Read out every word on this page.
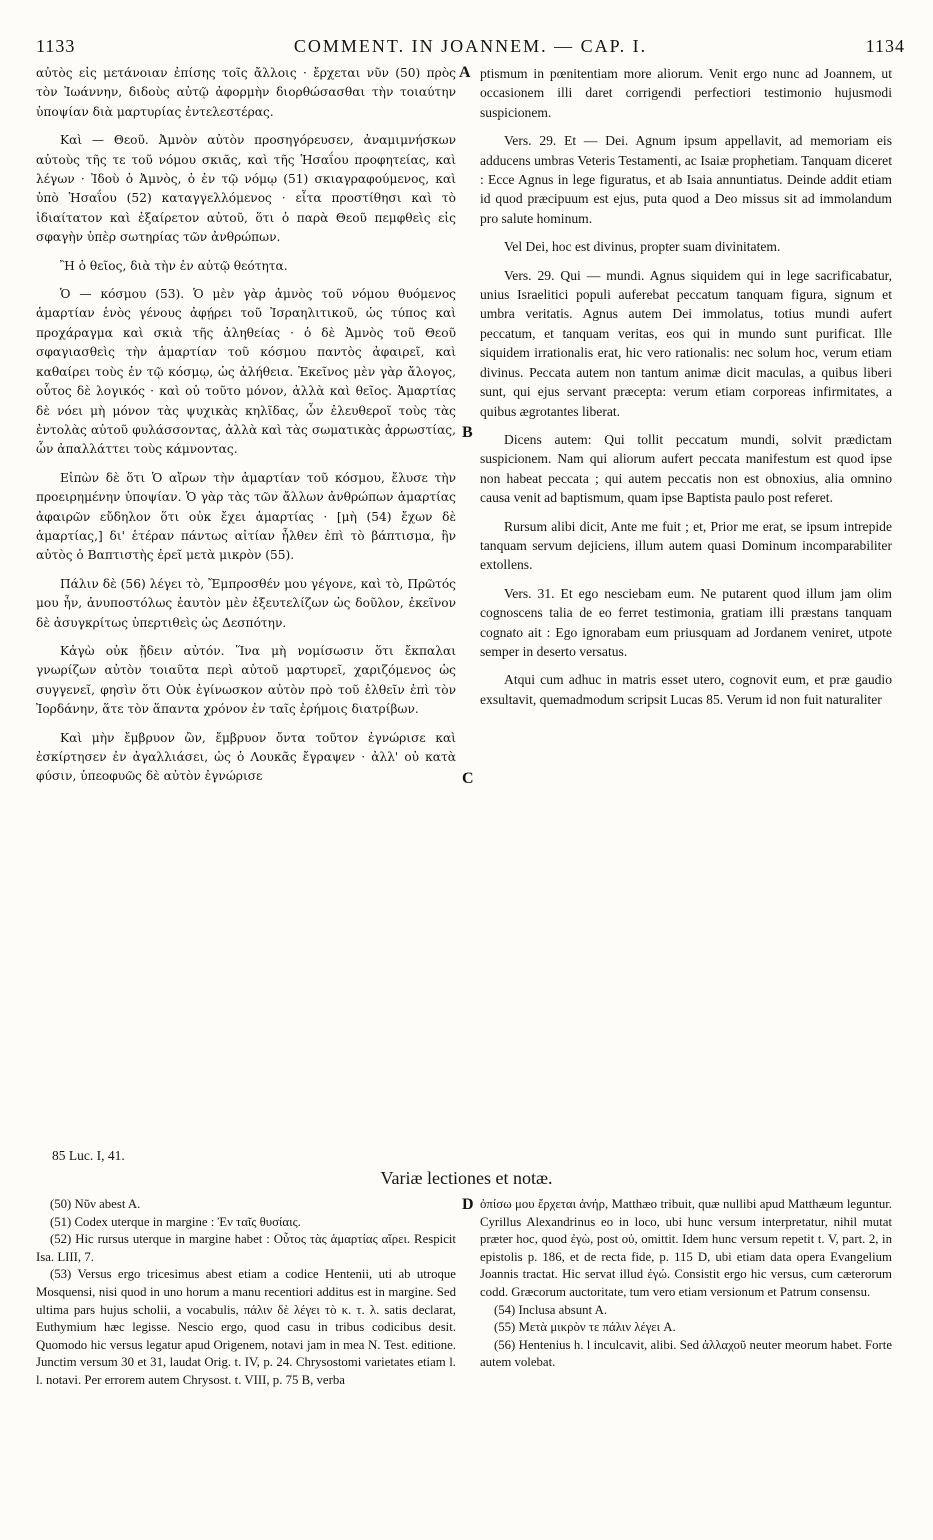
1133	COMMENT. IN JOANNEM. — CAP. I.	1134

αὐτὸς εἰς μετάνοιαν ἐπίσης τοῖς ἄλλοις · ἔρχεται νῦν (50) πρὸς τὸν Ἰωάννην, διδοὺς αὐτῷ ἀφορμὴν διορθώσασθαι τὴν τοιαύτην ὑποψίαν διὰ μαρτυρίας ἐντελεστέρας.

Καὶ — Θεοῦ. Ἀμνὸν αὐτὸν προσηγόρευσεν, ἀναμιμνήσκων αὐτοὺς τῆς τε τοῦ νόμου σκιᾶς, καὶ τῆς Ἡσαΐου προφητείας, καὶ λέγων · Ἰδοὺ ὁ Ἀμνὸς, ὁ ἐν τῷ νόμῳ (51) σκιαγραφούμενος, καὶ ὑπὸ Ἡσαΐου (52) καταγγελλόμενος · εἶτα προστίθησι καὶ τὸ ἰδιαίτατον καὶ ἐξαίρετον αὐτοῦ, ὅτι ὁ παρὰ Θεοῦ πεμφθεὶς εἰς σφαγὴν ὑπὲρ σωτηρίας τῶν ἀνθρώπων.

Ἢ ὁ θεῖος, διὰ τὴν ἐν αὐτῷ θεότητα.

Ὁ — κόσμου (53). Ὁ μὲν γὰρ ἀμνὸς τοῦ νόμου θυόμενος ἁμαρτίαν ἑνὸς γένους ἀφῄρει τοῦ Ἰσραηλιτικοῦ, ὡς τύπος καὶ προχάραγμα καὶ σκιὰ τῆς ἀληθείας · ὁ δὲ Ἀμνὸς τοῦ Θεοῦ σφαγιασθεὶς τὴν ἁμαρτίαν τοῦ κόσμου παντὸς ἀφαιρεῖ, καὶ καθαίρει τοὺς ἐν τῷ κόσμῳ, ὡς ἀλήθεια. Ἐκεῖνος μὲν γὰρ ἄλογος, οὗτος δὲ λογικός · καὶ οὐ τοῦτο μόνον, ἀλλὰ καὶ θεῖος. Ἁμαρτίας δὲ νόει μὴ μόνον τὰς ψυχικὰς κηλῖδας, ὧν ἐλευθεροῖ τοὺς τὰς ἐντολὰς αὐτοῦ φυλάσσοντας, ἀλλὰ καὶ τὰς σωματικὰς ἀρρωστίας, ὧν ἀπαλλάττει τοὺς κάμνοντας.

Εἰπὼν δὲ ὅτι Ὁ αἴρων τὴν ἁμαρτίαν τοῦ κόσμου, ἔλυσε τὴν προειρημένην ὑποψίαν. Ὁ γὰρ τὰς τῶν ἄλλων ἀνθρώπων ἁμαρτίας ἀφαιρῶν εὔδηλον ὅτι οὐκ ἔχει ἁμαρτίας · [μὴ (54) ἔχων δὲ ἁμαρτίας,] δι' ἑτέραν πάντως αἰτίαν ἦλθεν ἐπὶ τὸ βάπτισμα, ἣν αὐτὸς ὁ Βαπτιστὴς ἐρεῖ μετὰ μικρὸν (55).

Πάλιν δὲ (56) λέγει τὸ, Ἔμπροσθέν μου γέγονε, καὶ τὸ, Πρῶτός μου ἦν, ἀνυποστόλως ἑαυτὸν μὲν ἐξευτελίζων ὡς δοῦλον, ἐκεῖνον δὲ ἀσυγκρίτως ὑπερτιθεὶς ὡς Δεσπότην.

Κἀγὼ οὐκ ᾔδειν αὐτόν. Ἵνα μὴ νομίσωσιν ὅτι ἔκπαλαι γνωρίζων αὐτὸν τοιαῦτα περὶ αὐτοῦ μαρτυρεῖ, χαριζόμενος ὡς συγγενεῖ, φησὶν ὅτι Οὐκ ἐγίνωσκον αὐτὸν πρὸ τοῦ ἐλθεῖν ἐπὶ τὸν Ἰορδάνην, ἅτε τὸν ἅπαντα χρόνον ἐν ταῖς ἐρήμοις διατρίβων.

Καὶ μὴν ἔμβρυον ὢν, ἔμβρυον ὄντα τοῦτον ἐγνώρισε καὶ ἐσκίρτησεν ἐν ἀγαλλιάσει, ὡς ὁ Λουκᾶς ἔγραψεν · ἀλλ' οὐ κατὰ φύσιν, ὑπεοφυῶς δὲ αὐτὸν ἐγνώρισε

A
B
C
D

ptismum in pœnitentiam more aliorum. Venit ergo nunc ad Joannem, ut occasionem illi daret corrigendi perfectiori testimonio hujusmodi suspicionem.

Vers. 29. Et — Dei. Agnum ipsum appellavit, ad memoriam eis adducens umbras Veteris Testamenti, ac Isaiæ prophetiam. Tanquam diceret : Ecce Agnus in lege figuratus, et ab Isaia annuntiatus. Deinde addit etiam id quod præcipuum est ejus, puta quod a Deo missus sit ad immolandum pro salute hominum.

Vel Dei, hoc est divinus, propter suam divinitatem.

Vers. 29. Qui — mundi. Agnus siquidem qui in lege sacrificabatur, unius Israelitici populi auferebat peccatum tanquam figura, signum et umbra veritatis. Agnus autem Dei immolatus, totius mundi aufert peccatum, et tanquam veritas, eos qui in mundo sunt purificat. Ille siquidem irrationalis erat, hic vero rationalis: nec solum hoc, verum etiam divinus. Peccata autem non tantum animæ dicit maculas, a quibus liberi sunt, qui ejus servant præcepta: verum etiam corporeas infirmitates, a quibus ægrotantes liberat.

Dicens autem: Qui tollit peccatum mundi, solvit prædictam suspicionem. Nam qui aliorum aufert peccata manifestum est quod ipse non habeat peccata ; qui autem peccatis non est obnoxius, alia omnino causa venit ad baptismum, quam ipse Baptista paulo post referet.

Rursum alibi dicit, Ante me fuit ; et, Prior me erat, se ipsum intrepide tanquam servum dejiciens, illum autem quasi Dominum incomparabiliter extollens.

Vers. 31. Et ego nesciebam eum. Ne putarent quod illum jam olim cognoscens talia de eo ferret testimonia, gratiam illi præstans tanquam cognato ait : Ego ignorabam eum priusquam ad Jordanem veniret, utpote semper in deserto versatus.

Atqui cum adhuc in matris esset utero, cognovit eum, et præ gaudio exsultavit, quemadmodum scripsit Lucas 85. Verum id non fuit naturaliter

85 Luc. I, 41.
Variæ lectiones et notæ.

(50) Νῦν abest A.

(51) Codex uterque in margine : Ἐν ταῖς θυσίαις.

(52) Hic rursus uterque in margine habet : Οὗτος τὰς ἁμαρτίας αἴρει. Respicit Isa. LIII, 7.

(53) Versus ergo tricesimus abest etiam a codice Hentenii, uti ab utroque Mosquensi, nisi quod in uno horum a manu recentiori additus est in margine. Sed ultima pars hujus scholii, a vocabulis, πάλιν δὲ λέγει τὸ κ. τ. λ. satis declarat, Euthymium hæc legisse. Nescio ergo, quod casu in tribus codicibus desit. Quomodo hic versus legatur apud Origenem, notavi jam in mea N. Test. editione. Junctim versum 30 et 31, laudat Orig. t. IV, p. 24. Chrysostomi varietates etiam l. l. notavi. Per errorem autem Chrysost. t. VIII, p. 75 B, verba

ὀπίσω μου ἔρχεται ἀνήρ, Matthæo tribuit, quæ nullibi apud Matthæum leguntur. Cyrillus Alexandrinus eo in loco, ubi hunc versum interpretatur, nihil mutat præter hoc, quod ἐγὼ, post οὐ, omittit. Idem hunc versum repetit t. V, part. 2, in epistolis p. 186, et de recta fide, p. 115 D, ubi etiam data opera Evangelium Joannis tractat. Hic servat illud ἐγώ. Consistit ergo hic versus, cum cæterorum codd. Græcorum auctoritate, tum vero etiam versionum et Patrum consensu.

(54) Inclusa absunt A.

(55) Μετὰ μικρὸν τε πάλιν λέγει A.

(56) Hentenius h. l inculcavit, alibi. Sed ἀλλαχοῦ neuter meorum habet. Forte autem volebat.
